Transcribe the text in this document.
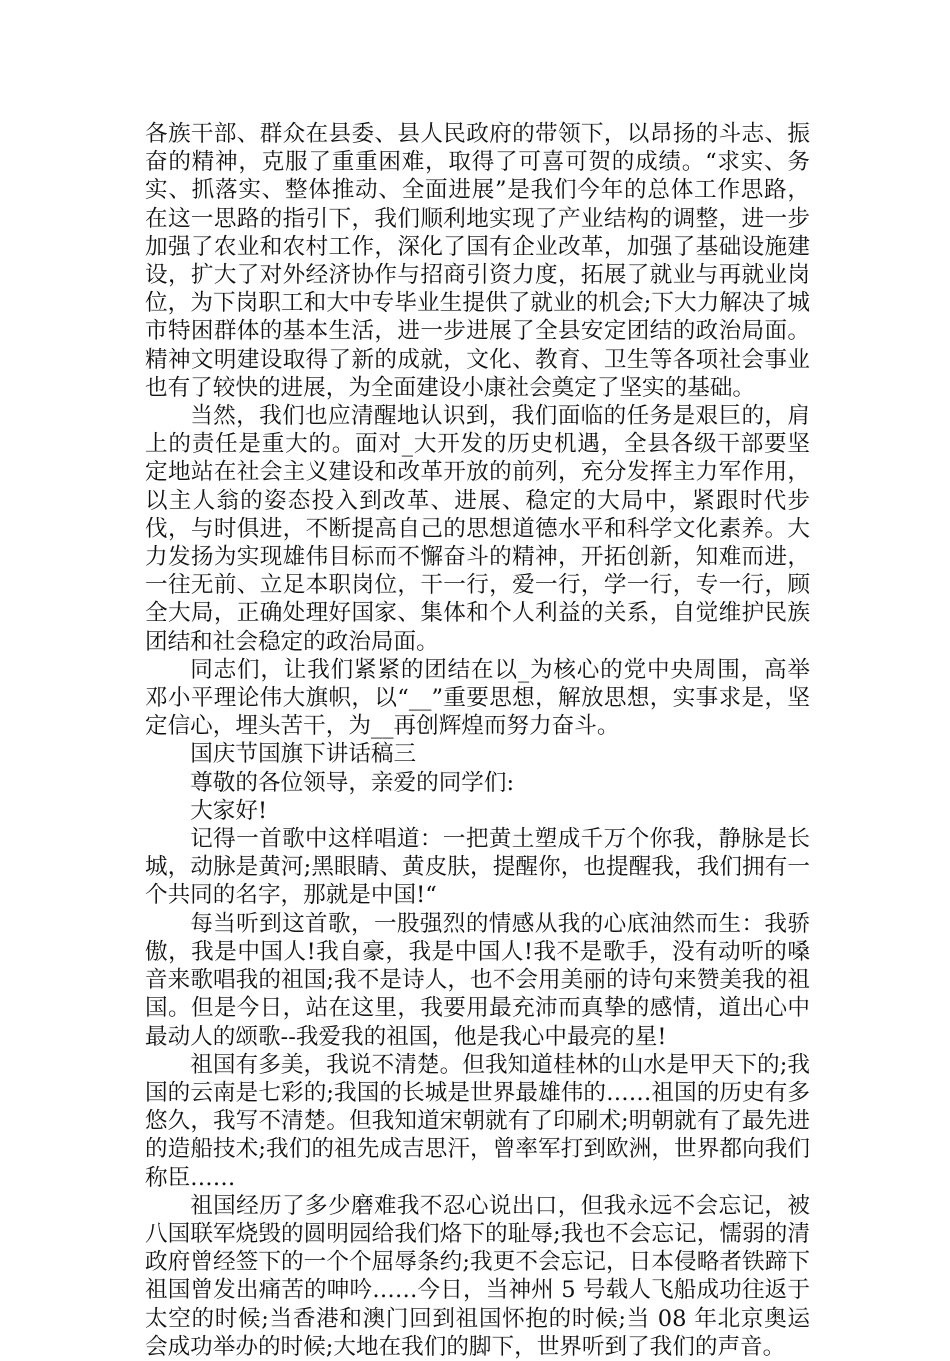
各族干部、群众在县委、县人民政府的带领下，以昂扬的斗志、振奋的精神，克服了重重困难，取得了可喜可贺的成绩。“求实、务实、抓落实、整体推动、全面进展”是我们今年的总体工作思路，在这一思路的指引下，我们顺利地实现了产业结构的调整，进一步加强了农业和农村工作，深化了国有企业改革，加强了基础设施建设，扩大了对外经济协作与招商引资力度，拓展了就业与再就业岗位，为下岗职工和大中专毕业生提供了就业的机会;下大力解决了城市特困群体的基本生活，进一步进展了全县安定团结的政治局面。精神文明建设取得了新的成就，文化、教育、卫生等各项社会事业也有了较快的进展，为全面建设小康社会奠定了坚实的基础。

当然，我们也应清醒地认识到，我们面临的任务是艰巨的，肩上的责任是重大的。面对_大开发的历史机遇，全县各级干部要坚定地站在社会主义建设和改革开放的前列，充分发挥主力军作用，以主人翁的姿态投入到改革、进展、稳定的大局中，紧跟时代步伐，与时俱进，不断提高自己的思想道德水平和科学文化素养。大力发扬为实现雄伟目标而不懈奋斗的精神，开拓创新，知难而进，一往无前、立足本职岗位，干一行，爱一行，学一行，专一行，顾全大局，正确处理好国家、集体和个人利益的关系，自觉维护民族团结和社会稳定的政治局面。

同志们，让我们紧紧的团结在以_为核心的党中央周围，高举邓小平理论伟大旗帜，以“__”重要思想，解放思想，实事求是，坚定信心，埋头苦干，为__再创辉煌而努力奋斗。

国庆节国旗下讲话稿三

尊敬的各位领导，亲爱的同学们:

大家好!

记得一首歌中这样唱道：一把黄土塑成千万个你我，静脉是长城，动脉是黄河;黑眼睛、黄皮肤，提醒你，也提醒我，我们拥有一个共同的名字，那就是中国!“

每当听到这首歌，一股强烈的情感从我的心底油然而生：我骄傲，我是中国人!我自豪，我是中国人!我不是歌手，没有动听的嗓音来歌唱我的祖国;我不是诗人，也不会用美丽的诗句来赞美我的祖国。但是今日，站在这里，我要用最充沛而真挚的感情，道出心中最动人的颂歌--我爱我的祖国，他是我心中最亮的星!

祖国有多美，我说不清楚。但我知道桂林的山水是甲天下的;我国的云南是七彩的;我国的长城是世界最雄伟的……祖国的历史有多悠久，我写不清楚。但我知道宋朝就有了印刷术;明朝就有了最先进的造船技术;我们的祖先成吉思汗，曾率军打到欧洲，世界都向我们称臣……

祖国经历了多少磨难我不忍心说出口，但我永远不会忘记，被八国联军烧毁的圆明园给我们烙下的耻辱;我也不会忘记，懦弱的清政府曾经签下的一个个屈辱条约;我更不会忘记，日本侵略者铁蹄下祖国曾发出痛苦的呻吟……今日，当神州 5 号载人飞船成功往返于太空的时候;当香港和澳门回到祖国怀抱的时候;当 08 年北京奥运会成功举办的时候;大地在我们的脚下，世界听到了我们的声音。
